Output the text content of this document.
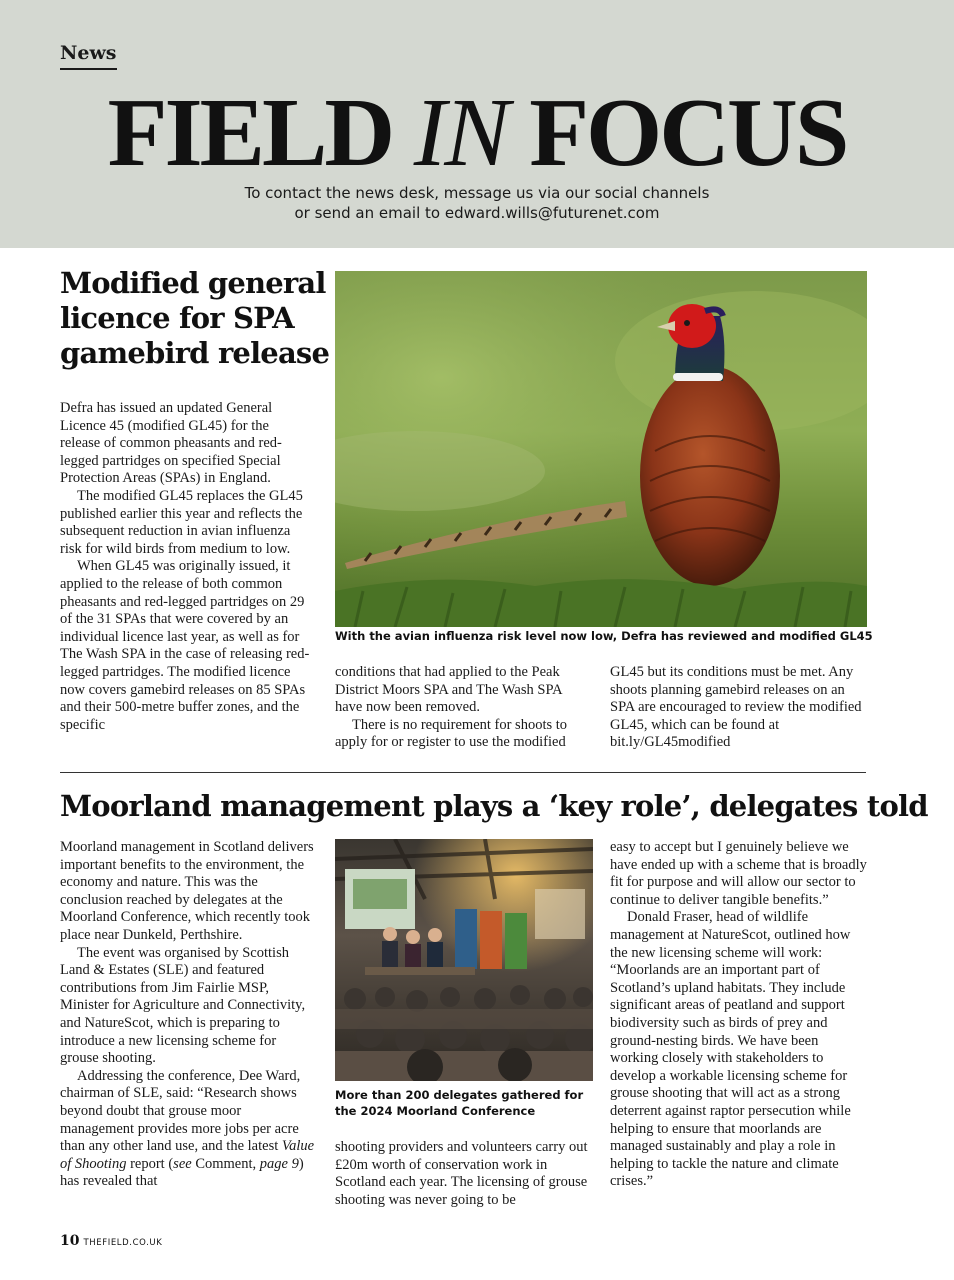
News
FIELD IN FOCUS

To contact the news desk, message us via our social channels

or send an email to edward.wills@futurenet.com

Modified general licence for SPA gamebird release
With the avian influenza risk level now low, Defra has reviewed and modified GL45

Defra has issued an updated General Licence 45 (modified GL45) for the release of common pheasants and red-legged partridges on specified Special Protection Areas (SPAs) in England.

The modified GL45 replaces the GL45 published earlier this year and reflects the subsequent reduction in avian influenza risk for wild birds from medium to low.

When GL45 was originally issued, it applied to the release of both common pheasants and red-legged partridges on 29 of the 31 SPAs that were covered by an individual licence last year, as well as for The Wash SPA in the case of releasing red-legged partridges. The modified licence now covers gamebird releases on 85 SPAs and their 500-metre buffer zones, and the specific

conditions that had applied to the Peak District Moors SPA and The Wash SPA have now been removed.

There is no requirement for shoots to apply for or register to use the modified

GL45 but its conditions must be met. Any shoots planning gamebird releases on an SPA are encouraged to review the modified GL45, which can be found at bit.ly/GL45modified

Moorland management plays a ‘key role’, delegates told

Moorland management in Scotland delivers important benefits to the environment, the economy and nature. This was the conclusion reached by delegates at the Moorland Conference, which recently took place near Dunkeld, Perthshire.

The event was organised by Scottish Land & Estates (SLE) and featured contributions from Jim Fairlie MSP, Minister for Agriculture and Connectivity, and NatureScot, which is preparing to introduce a new licensing scheme for grouse shooting.

Addressing the conference, Dee Ward, chairman of SLE, said: “Research shows beyond doubt that grouse moor management provides more jobs per acre than any other land use, and the latest Value of Shooting report (see Comment, page 9) has revealed that

More than 200 delegates gathered for the 2024 Moorland Conference

shooting providers and volunteers carry out £20m worth of conservation work in Scotland each year. The licensing of grouse shooting was never going to be

easy to accept but I genuinely believe we have ended up with a scheme that is broadly fit for purpose and will allow our sector to continue to deliver tangible benefits.”

Donald Fraser, head of wildlife management at NatureScot, outlined how the new licensing scheme will work: “Moorlands are an important part of Scotland’s upland habitats. They include significant areas of peatland and support biodiversity such as birds of prey and ground-nesting birds. We have been working closely with stakeholders to develop a workable licensing scheme for grouse shooting that will act as a strong deterrent against raptor persecution while helping to ensure that moorlands are managed sustainably and play a role in helping to tackle the nature and climate crises.”

10 THEFIELD.CO.UK
